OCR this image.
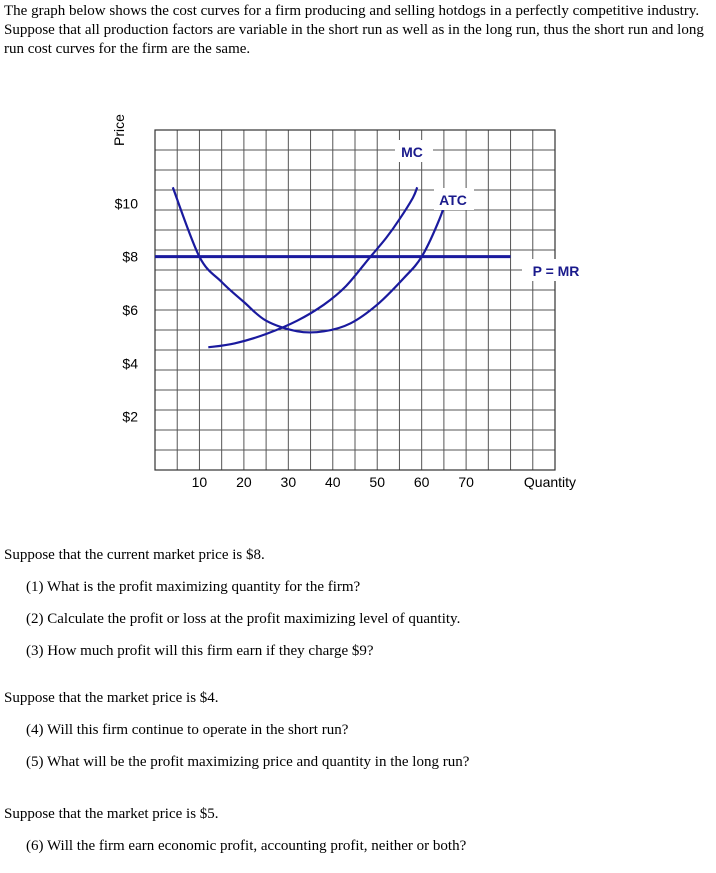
The graph below shows the cost curves for a firm producing and selling hotdogs in a perfectly competitive industry. Suppose that all production factors are variable in the short run as well as in the long run, thus the short run and long run cost curves for the firm are the same.
10 20 30 40 50 60 70
$10
$8
$6
$4
$2
Price
Quantity
MC
ATC
P = MR

Suppose that the current market price is $8.

(1) What is the profit maximizing quantity for the firm?

(2) Calculate the profit or loss at the profit maximizing level of quantity.

(3) How much profit will this firm earn if they charge $9?

Suppose that the market price is $4.

(4) Will this firm continue to operate in the short run?

(5) What will be the profit maximizing price and quantity in the long run?

Suppose that the market price is $5.

(6) Will the firm earn economic profit, accounting profit, neither or both?
